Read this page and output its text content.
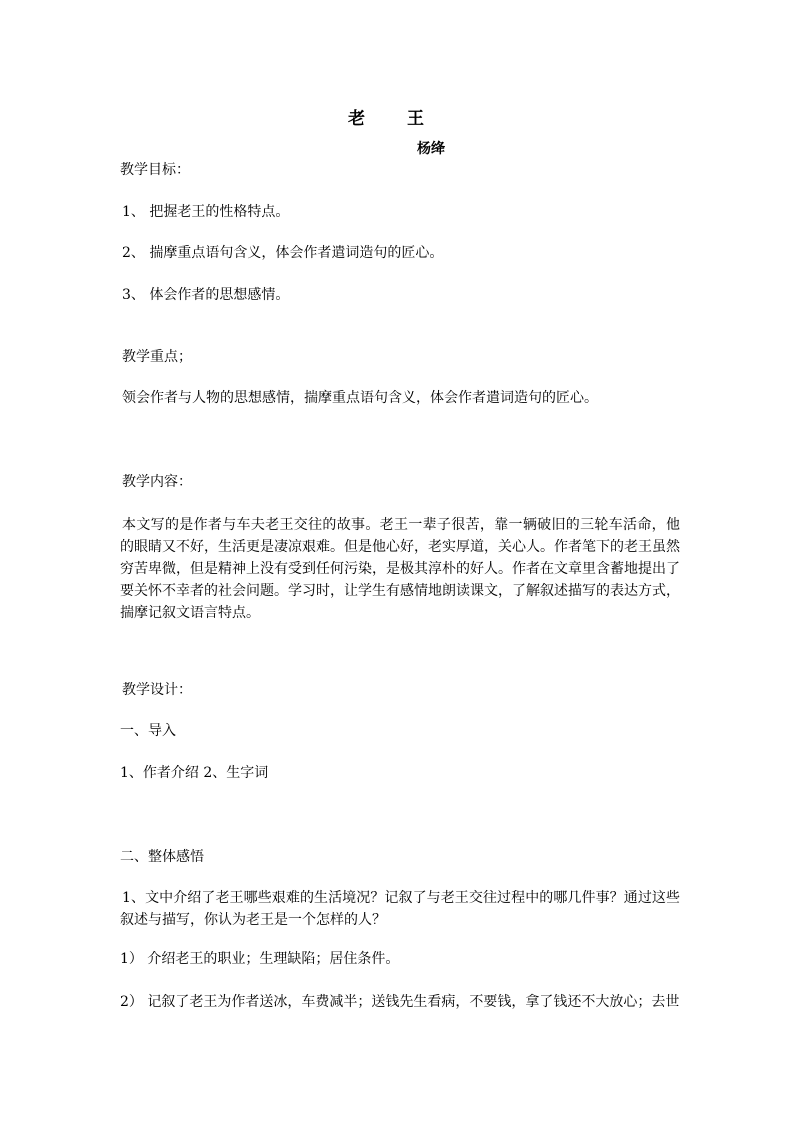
老 王
杨绛
教学目标：
1、 把握老王的性格特点。
2、 揣摩重点语句含义，体会作者遣词造句的匠心。
3、 体会作者的思想感情。
教学重点；
领会作者与人物的思想感情，揣摩重点语句含义，体会作者遣词造句的匠心。
教学内容：
本文写的是作者与车夫老王交往的故事。老王一辈子很苦，靠一辆破旧的三轮车活命，他的眼睛又不好，生活更是凄凉艰难。但是他心好，老实厚道，关心人。作者笔下的老王虽然穷苦卑微，但是精神上没有受到任何污染，是极其淳朴的好人。作者在文章里含蓄地提出了要关怀不幸者的社会问题。学习时，让学生有感情地朗读课文，了解叙述描写的表达方式，揣摩记叙文语言特点。
教学设计：
一、导入
1、作者介绍 2、生字词
二、整体感悟
1、文中介绍了老王哪些艰难的生活境况？记叙了与老王交往过程中的哪几件事？通过这些叙述与描写，你认为老王是一个怎样的人？
1） 介绍老王的职业；生理缺陷；居住条件。
2） 记叙了老王为作者送冰，车费减半；送钱先生看病，不要钱，拿了钱还不大放心；去世
